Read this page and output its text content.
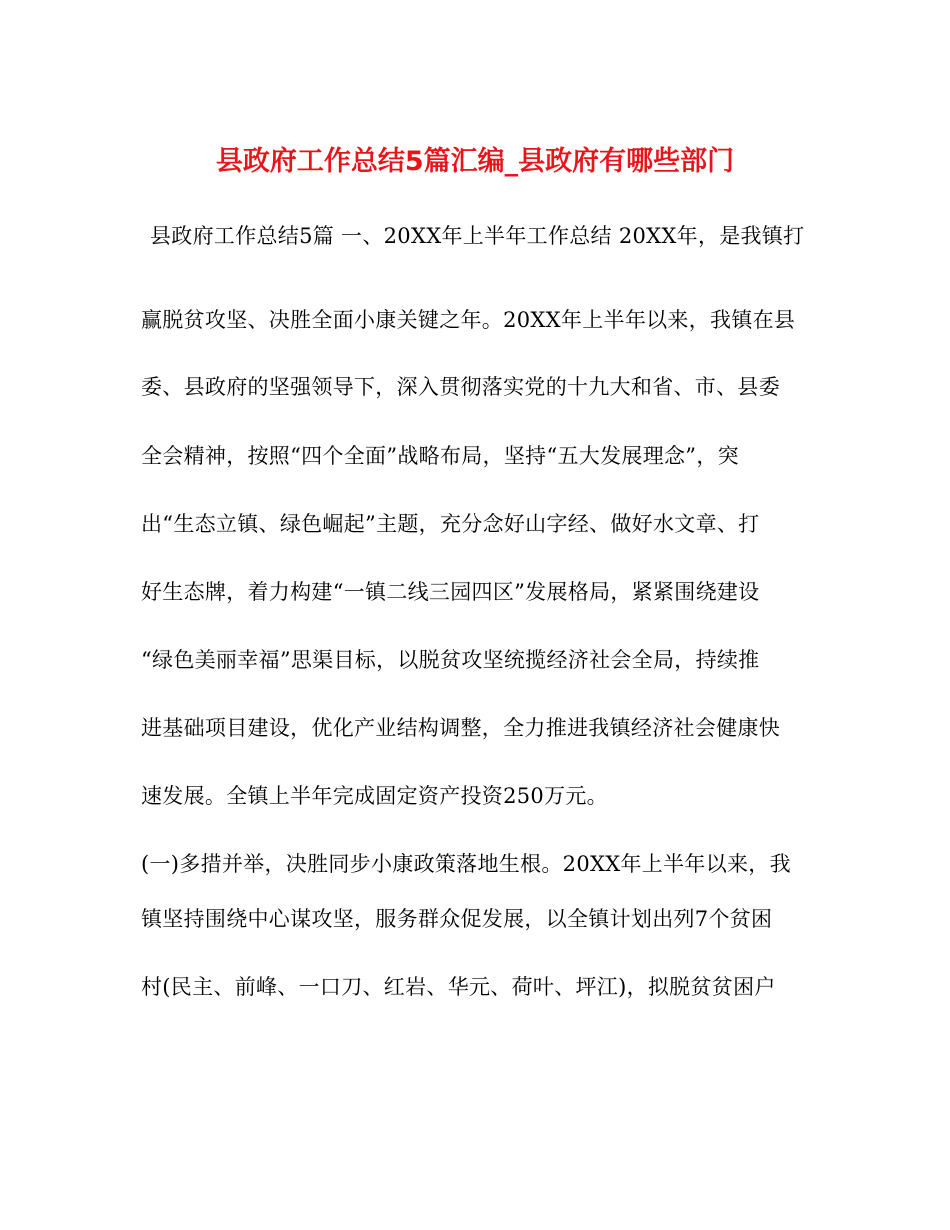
县政府工作总结5篇汇编_县政府有哪些部门
县政府工作总结5篇 一、20XX年上半年工作总结 20XX年，是我镇打
赢脱贫攻坚、决胜全面小康关键之年。20XX年上半年以来，我镇在县
委、县政府的坚强领导下，深入贯彻落实党的十九大和省、市、县委
全会精神，按照“四个全面”战略布局，坚持“五大发展理念”，突
出“生态立镇、绿色崛起”主题，充分念好山字经、做好水文章、打
好生态牌，着力构建“一镇二线三园四区”发展格局，紧紧围绕建设
“绿色美丽幸福”思渠目标，以脱贫攻坚统揽经济社会全局，持续推
进基础项目建设，优化产业结构调整，全力推进我镇经济社会健康快
速发展。全镇上半年完成固定资产投资250万元。
(一)多措并举，决胜同步小康政策落地生根。20XX年上半年以来，我
镇坚持围绕中心谋攻坚，服务群众促发展，以全镇计划出列7个贫困
村(民主、前峰、一口刀、红岩、华元、荷叶、坪江)，拟脱贫贫困户
